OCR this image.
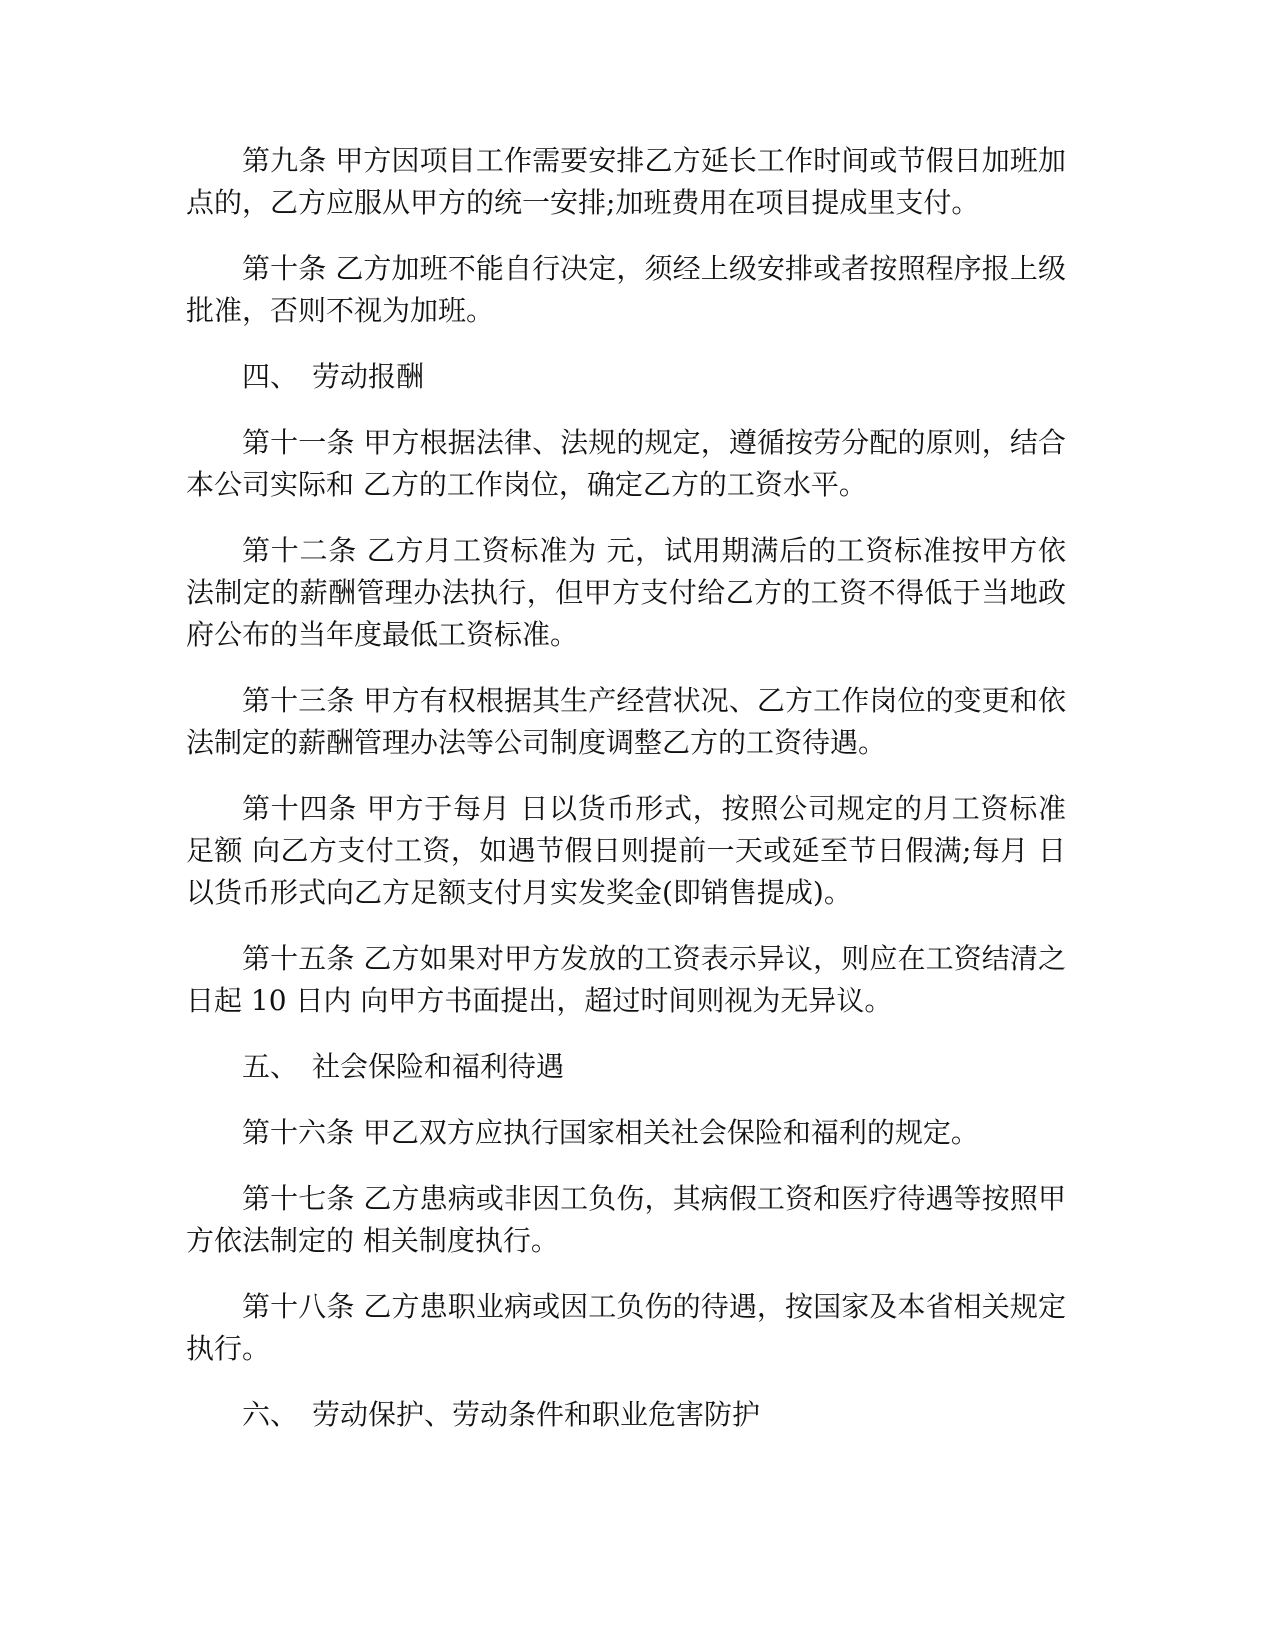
第九条 甲方因项目工作需要安排乙方延长工作时间或节假日加班加点的，乙方应服从甲方的统一安排;加班费用在项目提成里支付。

第十条 乙方加班不能自行决定，须经上级安排或者按照程序报上级批准，否则不视为加班。

四、　劳动报酬

第十一条 甲方根据法律、法规的规定，遵循按劳分配的原则，结合本公司实际和 乙方的工作岗位，确定乙方的工资水平。

第十二条 乙方月工资标准为 元，试用期满后的工资标准按甲方依法制定的薪酬管理办法执行，但甲方支付给乙方的工资不得低于当地政府公布的当年度最低工资标准。

第十三条 甲方有权根据其生产经营状况、乙方工作岗位的变更和依法制定的薪酬管理办法等公司制度调整乙方的工资待遇。

第十四条 甲方于每月 日以货币形式，按照公司规定的月工资标准足额 向乙方支付工资，如遇节假日则提前一天或延至节日假满;每月 日以货币形式向乙方足额支付月实发奖金(即销售提成)。

第十五条 乙方如果对甲方发放的工资表示异议，则应在工资结清之日起 10 日内 向甲方书面提出，超过时间则视为无异议。

五、　社会保险和福利待遇

第十六条 甲乙双方应执行国家相关社会保险和福利的规定。

第十七条 乙方患病或非因工负伤，其病假工资和医疗待遇等按照甲方依法制定的 相关制度执行。

第十八条 乙方患职业病或因工负伤的待遇，按国家及本省相关规定执行。

六、　劳动保护、劳动条件和职业危害防护
